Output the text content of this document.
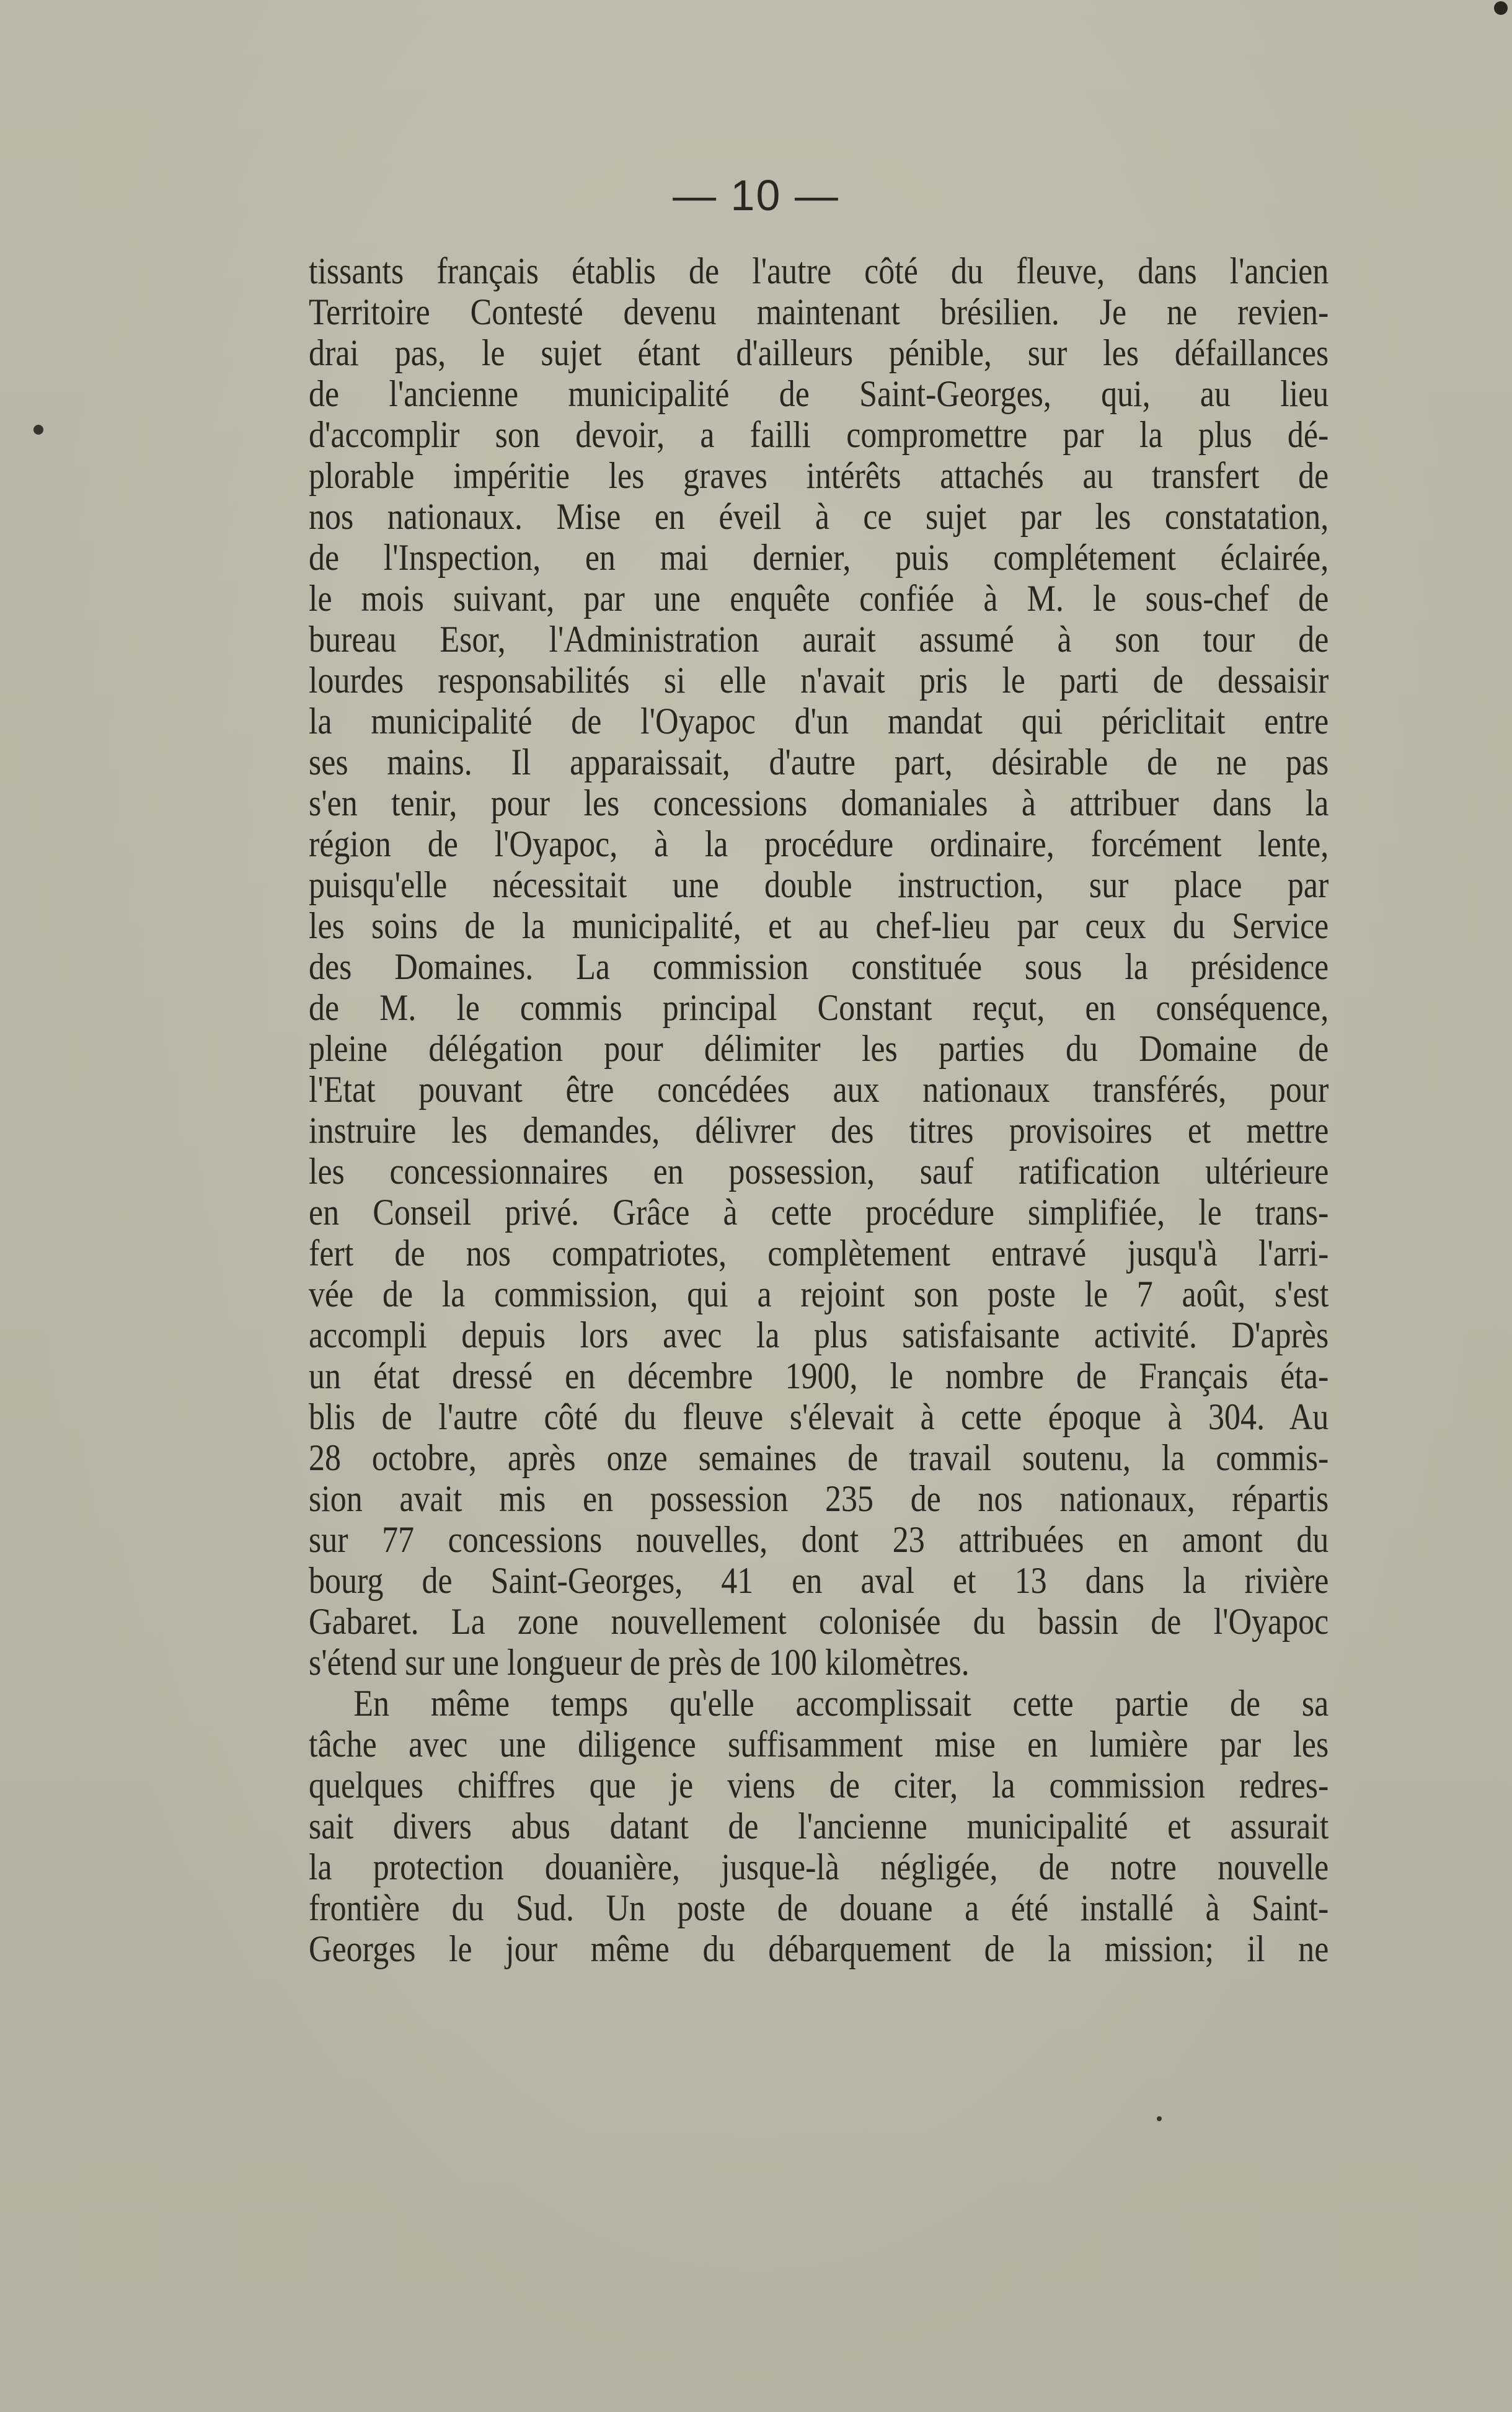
— 10 —
tissants français établis de l'autre côté du fleuve, dans l'ancien
Territoire Contesté devenu maintenant brésilien. Je ne revien-
drai pas, le sujet étant d'ailleurs pénible, sur les défaillances
de l'ancienne municipalité de Saint-Georges, qui, au lieu
d'accomplir son devoir, a failli compromettre par la plus dé-
plorable impéritie les graves intérêts attachés au transfert de
nos nationaux. Mise en éveil à ce sujet par les constatation,
de l'Inspection, en mai dernier, puis complétement éclairée,
le mois suivant, par une enquête confiée à M. le sous-chef de
bureau Esor, l'Administration aurait assumé à son tour de
lourdes responsabilités si elle n'avait pris le parti de dessaisir
la municipalité de l'Oyapoc d'un mandat qui périclitait entre
ses mains. Il apparaissait, d'autre part, désirable de ne pas
s'en tenir, pour les concessions domaniales à attribuer dans la
région de l'Oyapoc, à la procédure ordinaire, forcément lente,
puisqu'elle nécessitait une double instruction, sur place par
les soins de la municipalité, et au chef-lieu par ceux du Service
des Domaines. La commission constituée sous la présidence
de M. le commis principal Constant reçut, en conséquence,
pleine délégation pour délimiter les parties du Domaine de
l'Etat pouvant être concédées aux nationaux transférés, pour
instruire les demandes, délivrer des titres provisoires et mettre
les concessionnaires en possession, sauf ratification ultérieure
en Conseil privé. Grâce à cette procédure simplifiée, le trans-
fert de nos compatriotes, complètement entravé jusqu'à l'arri-
vée de la commission, qui a rejoint son poste le 7 août, s'est
accompli depuis lors avec la plus satisfaisante activité. D'après
un état dressé en décembre 1900, le nombre de Français éta-
blis de l'autre côté du fleuve s'élevait à cette époque à 304. Au
28 octobre, après onze semaines de travail soutenu, la commis-
sion avait mis en possession 235 de nos nationaux, répartis
sur 77 concessions nouvelles, dont 23 attribuées en amont du
bourg de Saint-Georges, 41 en aval et 13 dans la rivière
Gabaret. La zone nouvellement colonisée du bassin de l'Oyapoc
s'étend sur une longueur de près de 100 kilomètres.
En même temps qu'elle accomplissait cette partie de sa
tâche avec une diligence suffisamment mise en lumière par les
quelques chiffres que je viens de citer, la commission redres-
sait divers abus datant de l'ancienne municipalité et assurait
la protection douanière, jusque-là négligée, de notre nouvelle
frontière du Sud. Un poste de douane a été installé à Saint-
Georges le jour même du débarquement de la mission; il ne
